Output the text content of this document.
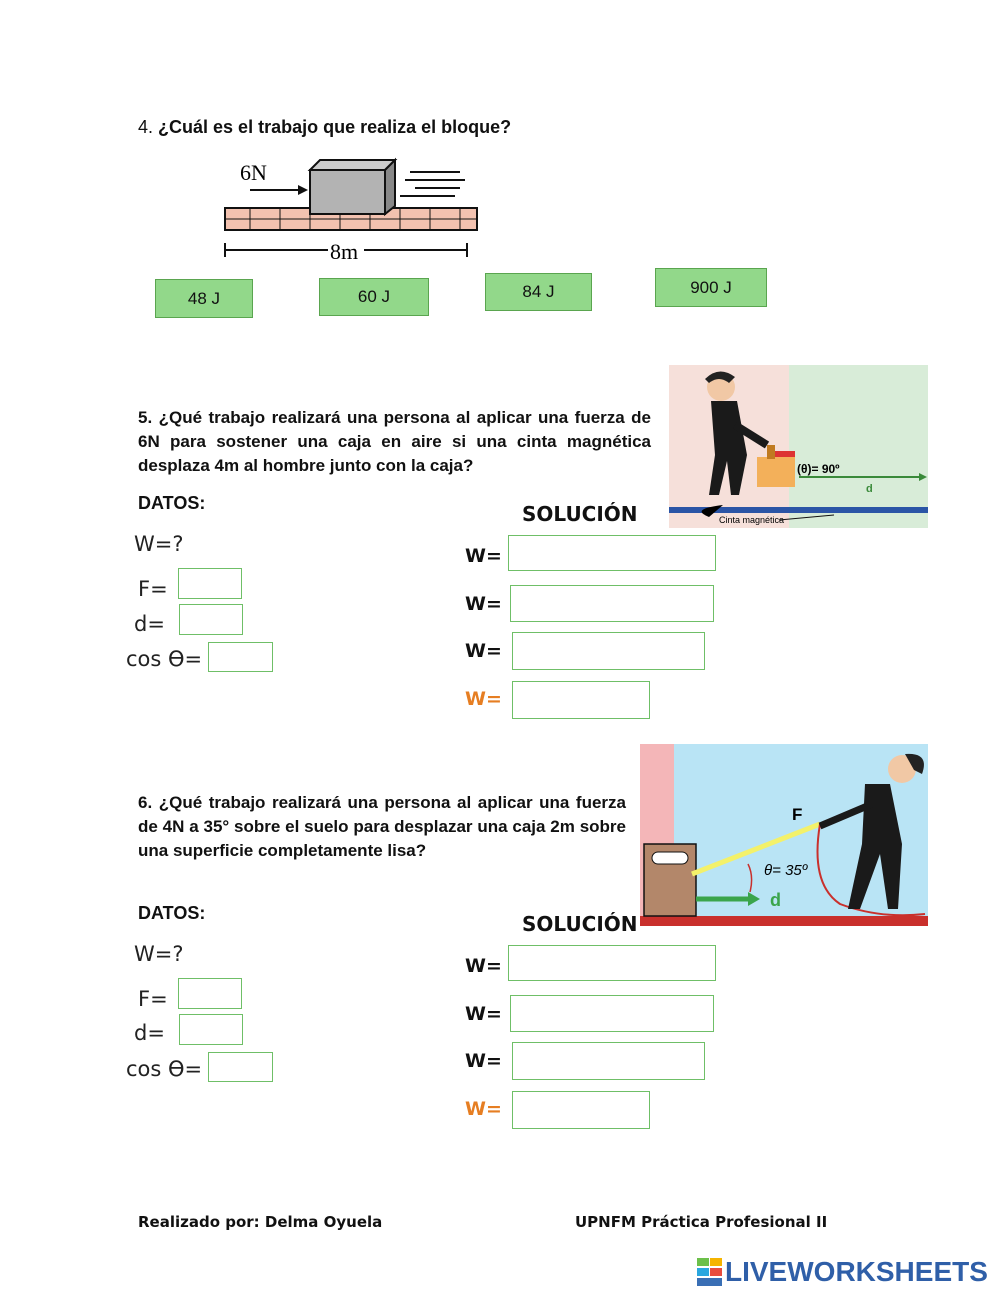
4. ¿Cuál es el trabajo que realiza el bloque?
6N
8m
48 J	60 J	84 J	900 J
5. ¿Qué trabajo realizará una persona al aplicar una fuerza de 6N para sostener una caja en aire si una cinta magnética desplaza 4m al hombre junto con la caja?	(θ)= 90º
d
Cinta magnética
DATOS:
W=?
F=
d=
cos ϴ=
SOLUCIÓN
W=
W=
W=
W=
6. ¿Qué trabajo realizará una persona al aplicar una fuerza de 4N a 35° sobre el suelo para desplazar una caja 2m sobre una superficie completamente lisa?
F
θ= 35º
d
DATOS:
W=?
F=
d=
cos ϴ=
SOLUCIÓN
W=
W=
W=
W=
Realizado por: Delma Oyuela	UPNFM Práctica Profesional II
LIVEWORKSHEETS
